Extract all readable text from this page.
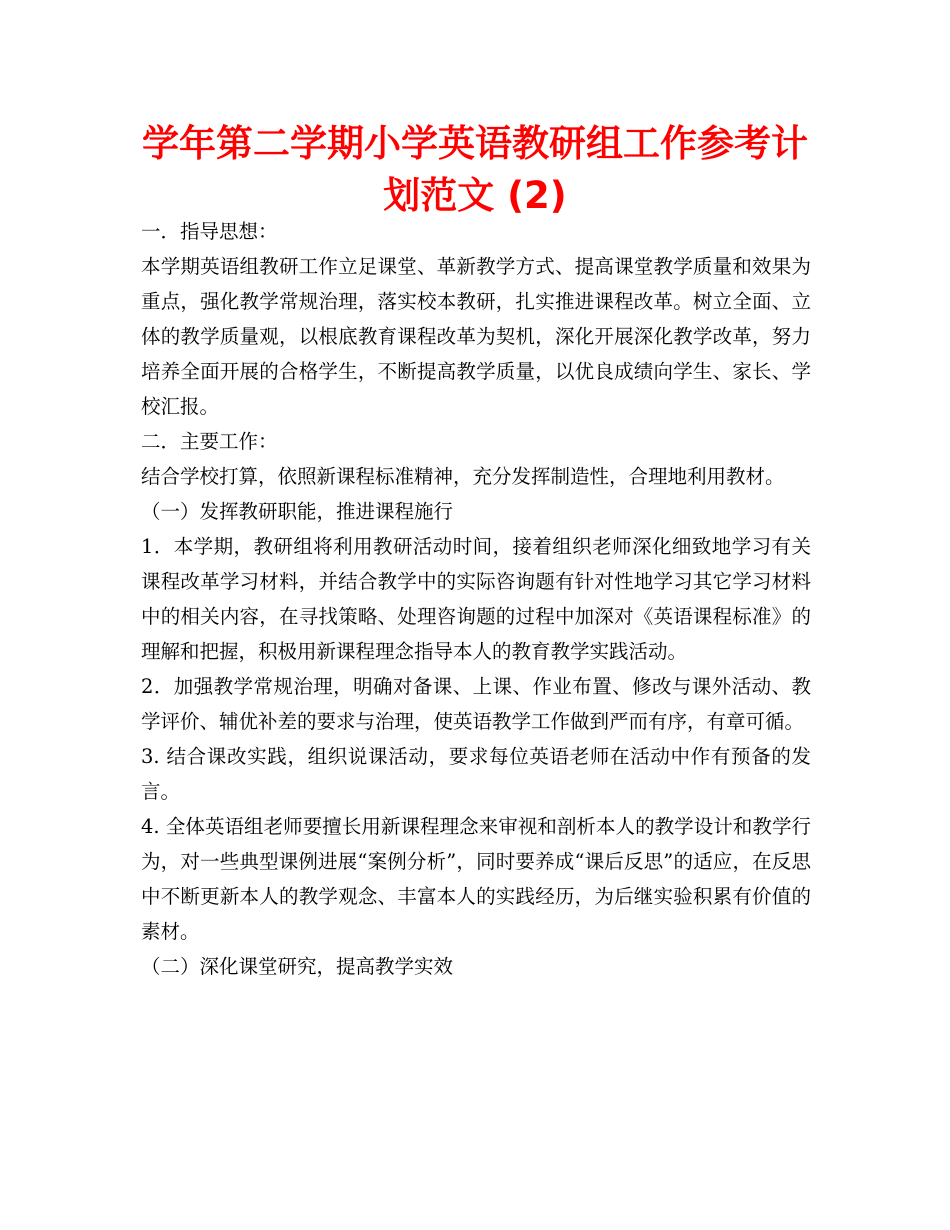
学年第二学期小学英语教研组工作参考计
划范文 (2)

一．指导思想：

本学期英语组教研工作立足课堂、革新教学方式、提高课堂教学质量和效果为重点，强化教学常规治理，落实校本教研，扎实推进课程改革。树立全面、立体的教学质量观，以根底教育课程改革为契机，深化开展深化教学改革，努力培养全面开展的合格学生，不断提高教学质量，以优良成绩向学生、家长、学校汇报。

二．主要工作：

结合学校打算，依照新课程标准精神，充分发挥制造性，合理地利用教材。

（一）发挥教研职能，推进课程施行

1．本学期，教研组将利用教研活动时间，接着组织老师深化细致地学习有关课程改革学习材料，并结合教学中的实际咨询题有针对性地学习其它学习材料中的相关内容，在寻找策略、处理咨询题的过程中加深对《英语课程标准》的理解和把握，积极用新课程理念指导本人的教育教学实践活动。

2．加强教学常规治理，明确对备课、上课、作业布置、修改与课外活动、教学评价、辅优补差的要求与治理，使英语教学工作做到严而有序，有章可循。

3. 结合课改实践，组织说课活动，要求每位英语老师在活动中作有预备的发言。

4. 全体英语组老师要擅长用新课程理念来审视和剖析本人的教学设计和教学行为，对一些典型课例进展“案例分析”，同时要养成“课后反思”的适应，在反思中不断更新本人的教学观念、丰富本人的实践经历，为后继实验积累有价值的素材。

（二）深化课堂研究，提高教学实效
